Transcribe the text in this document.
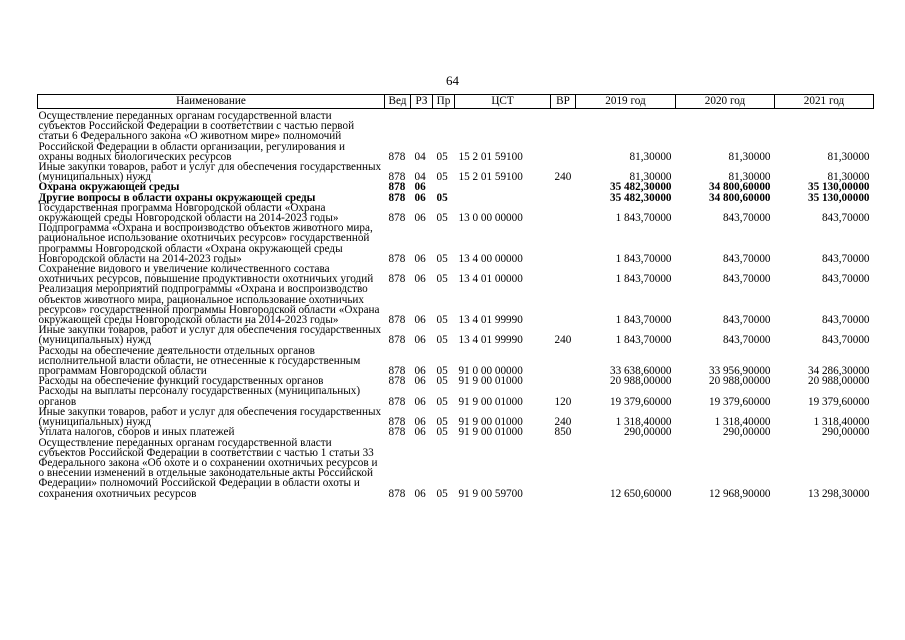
64
Наименование	Вед	РЗ	Пр	ЦСТ	ВР	2019 год	2020 год	2021 год
Осуществление переданных органам государственной власти субъектов Российской Федерации в соответствии с частью первой статьи 6 Федерального закона «О животном мире» полномочий Российской Федерации в области организации, регулирования и охраны водных биологических ресурсов	878	04	05	15 2 01 59100		81,30000	81,30000	81,30000
Иные закупки товаров, работ и услуг для обеспечения государственных (муниципальных) нужд	878	04	05	15 2 01 59100	240	81,30000	81,30000	81,30000
Охрана окружающей среды	878	06				35 482,30000	34 800,60000	35 130,00000
Другие вопросы в области охраны окружающей среды	878	06	05			35 482,30000	34 800,60000	35 130,00000
Государственная программа Новгородской области «Охрана окружающей среды Новгородской области на 2014-2023 годы»	878	06	05	13 0 00 00000		1 843,70000	843,70000	843,70000
Подпрограмма «Охрана и воспроизводство объектов животного мира, рациональное использование охотничьих ресурсов» государственной программы Новгородской области «Охрана окружающей среды Новгородской области на 2014-2023 годы»	878	06	05	13 4 00 00000		1 843,70000	843,70000	843,70000
Сохранение видового и увеличение количественного состава охотничьих ресурсов, повышение продуктивности охотничьих угодий	878	06	05	13 4 01 00000		1 843,70000	843,70000	843,70000
Реализация мероприятий подпрограммы «Охрана и воспроизводство объектов животного мира, рациональное использование охотничьих ресурсов» государственной программы Новгородской области «Охрана окружающей среды Новгородской области на 2014-2023 годы»	878	06	05	13 4 01 99990		1 843,70000	843,70000	843,70000
Иные закупки товаров, работ и услуг для обеспечения государственных (муниципальных) нужд	878	06	05	13 4 01 99990	240	1 843,70000	843,70000	843,70000
Расходы на обеспечение деятельности отдельных органов исполнительной власти области, не отнесенные к государственным программам Новгородской области	878	06	05	91 0 00 00000		33 638,60000	33 956,90000	34 286,30000
Расходы на обеспечение функций государственных органов	878	06	05	91 9 00 01000		20 988,00000	20 988,00000	20 988,00000
Расходы на выплаты персоналу государственных (муниципальных) органов	878	06	05	91 9 00 01000	120	19 379,60000	19 379,60000	19 379,60000
Иные закупки товаров, работ и услуг для обеспечения государственных (муниципальных) нужд	878	06	05	91 9 00 01000	240	1 318,40000	1 318,40000	1 318,40000
Уплата налогов, сборов и иных платежей	878	06	05	91 9 00 01000	850	290,00000	290,00000	290,00000
Осуществление переданных органам государственной власти субъектов Российской Федерации в соответствии с частью 1 статьи 33 Федерального закона «Об охоте и о сохранении охотничьих ресурсов и о внесении изменений в отдельные законодательные акты Российской Федерации» полномочий Российской Федерации в области охоты и сохранения охотничьих ресурсов	878	06	05	91 9 00 59700		12 650,60000	12 968,90000	13 298,30000
